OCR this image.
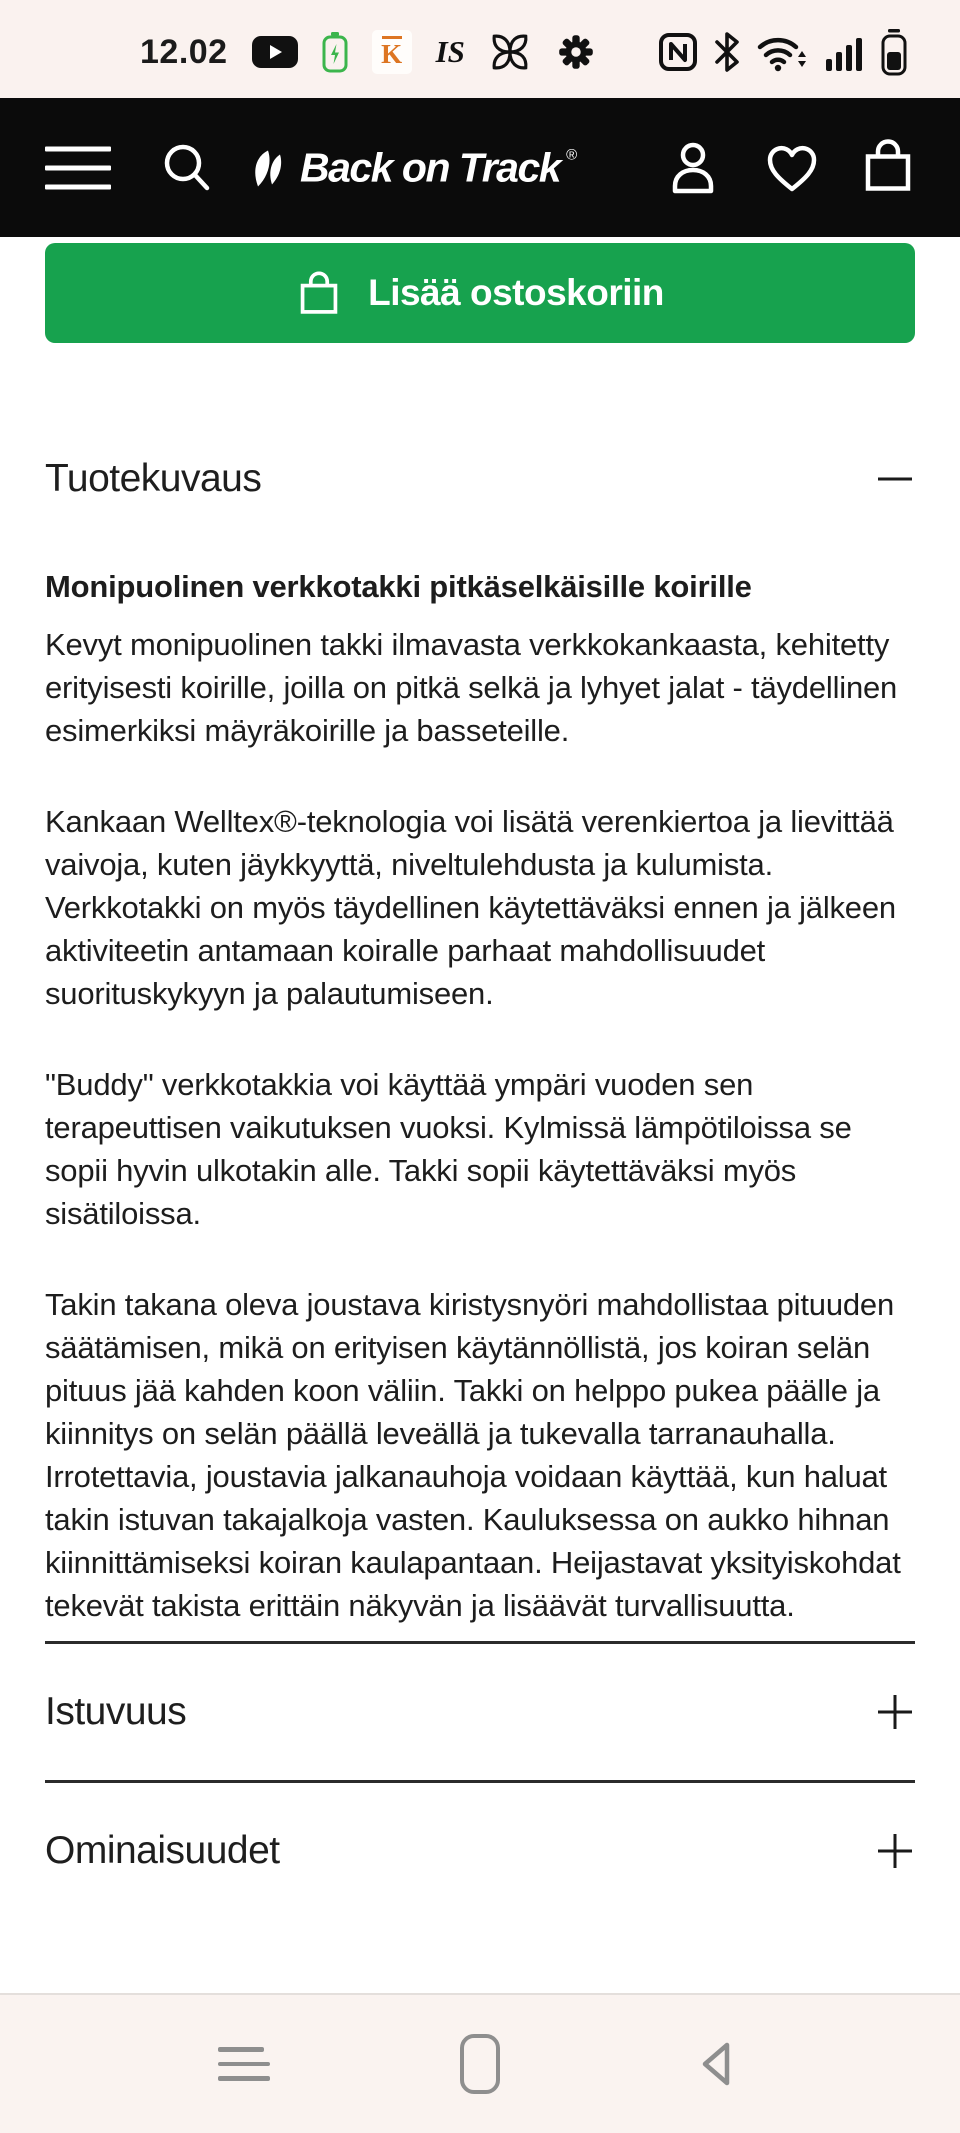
12.02	K IS
Back on Track ®
Lisää ostoskoriin
Tuotekuvaus
Monipuolinen verkkotakki pitkäselkäisille koirille

Kevyt monipuolinen takki ilmavasta verkkokankaasta, kehitetty erityisesti koirille, joilla on pitkä selkä ja lyhyet jalat - täydellinen esimerkiksi mäyräkoirille ja basseteille.

Kankaan Welltex®-teknologia voi lisätä verenkiertoa ja lievittää vaivoja, kuten jäykkyyttä, niveltulehdusta ja kulumista. Verkkotakki on myös täydellinen käytettäväksi ennen ja jälkeen aktiviteetin antamaan koiralle parhaat mahdollisuudet suorituskykyyn ja palautumiseen.

"Buddy" verkkotakkia voi käyttää ympäri vuoden sen terapeuttisen vaikutuksen vuoksi. Kylmissä lämpötiloissa se sopii hyvin ulkotakin alle. Takki sopii käytettäväksi myös sisätiloissa.

Takin takana oleva joustava kiristysnyöri mahdollistaa pituuden säätämisen, mikä on erityisen käytännöllistä, jos koiran selän pituus jää kahden koon väliin. Takki on helppo pukea päälle ja kiinnitys on selän päällä leveällä ja tukevalla tarranauhalla. Irrotettavia, joustavia jalkanauhoja voidaan käyttää, kun haluat takin istuvan takajalkoja vasten. Kauluksessa on aukko hihnan kiinnittämiseksi koiran kaulapantaan. Heijastavat yksityiskohdat tekevät takista erittäin näkyvän ja lisäävät turvallisuutta.

Istuvuus
Ominaisuudet
